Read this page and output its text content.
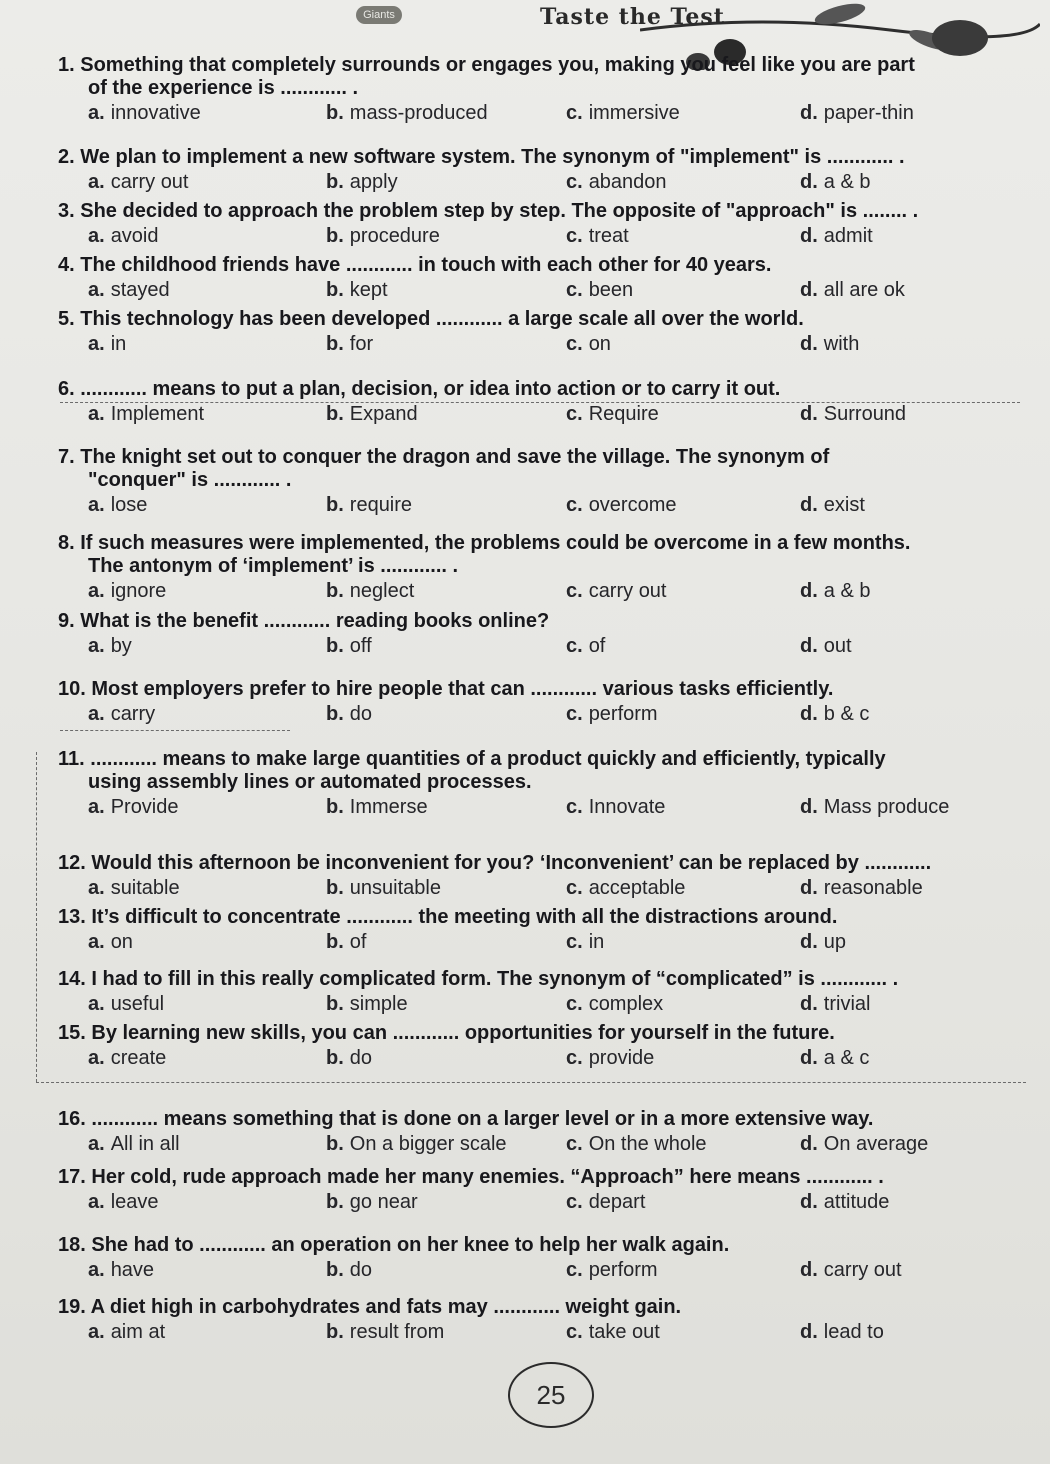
Giants	Taste the Test
1. Something that completely surrounds or engages you, making you feel like you are part
of the experience is ............ .
a. innovative	b. mass-produced	c. immersive	d. paper-thin
2. We plan to implement a new software system. The synonym of "implement" is ............ .
a. carry out	b. apply	c. abandon	d. a & b
3. She decided to approach the problem step by step. The opposite of "approach" is ........ .
a. avoid	b. procedure	c. treat	d. admit
4. The childhood friends have ............ in touch with each other for 40 years.
a. stayed	b. kept	c. been	d. all are ok
5. This technology has been developed ............ a large scale all over the world.
a. in	b. for	c. on	d. with
6. ............ means to put a plan, decision, or idea into action or to carry it out.
a. Implement	b. Expand	c. Require	d. Surround
7. The knight set out to conquer the dragon and save the village. The synonym of
"conquer" is ............ .
a. lose	b. require	c. overcome	d. exist
8. If such measures were implemented, the problems could be overcome in a few months.
The antonym of ‘implement’ is ............ .
a. ignore	b. neglect	c. carry out	d. a & b
9. What is the benefit ............ reading books online?
a. by	b. off	c. of	d. out
10. Most employers prefer to hire people that can ............ various tasks efficiently.
a. carry	b. do	c. perform	d. b & c
11. ............ means to make large quantities of a product quickly and efficiently, typically
using assembly lines or automated processes.
a. Provide	b. Immerse	c. Innovate	d. Mass produce
12. Would this afternoon be inconvenient for you? ‘Inconvenient’ can be replaced by ............
a. suitable	b. unsuitable	c. acceptable	d. reasonable
13. It’s difficult to concentrate ............ the meeting with all the distractions around.
a. on	b. of	c. in	d. up
14. I had to fill in this really complicated form. The synonym of “complicated” is ............ .
a. useful	b. simple	c. complex	d. trivial
15. By learning new skills, you can ............ opportunities for yourself in the future.
a. create	b. do	c. provide	d. a & c
16. ............ means something that is done on a larger level or in a more extensive way.
a. All in all	b. On a bigger scale	c. On the whole	d. On average
17. Her cold, rude approach made her many enemies. “Approach” here means ............ .
a. leave	b. go near	c. depart	d. attitude
18. She had to ............ an operation on her knee to help her walk again.
a. have	b. do	c. perform	d. carry out
19. A diet high in carbohydrates and fats may ............ weight gain.
a. aim at	b. result from	c. take out	d. lead to
25
